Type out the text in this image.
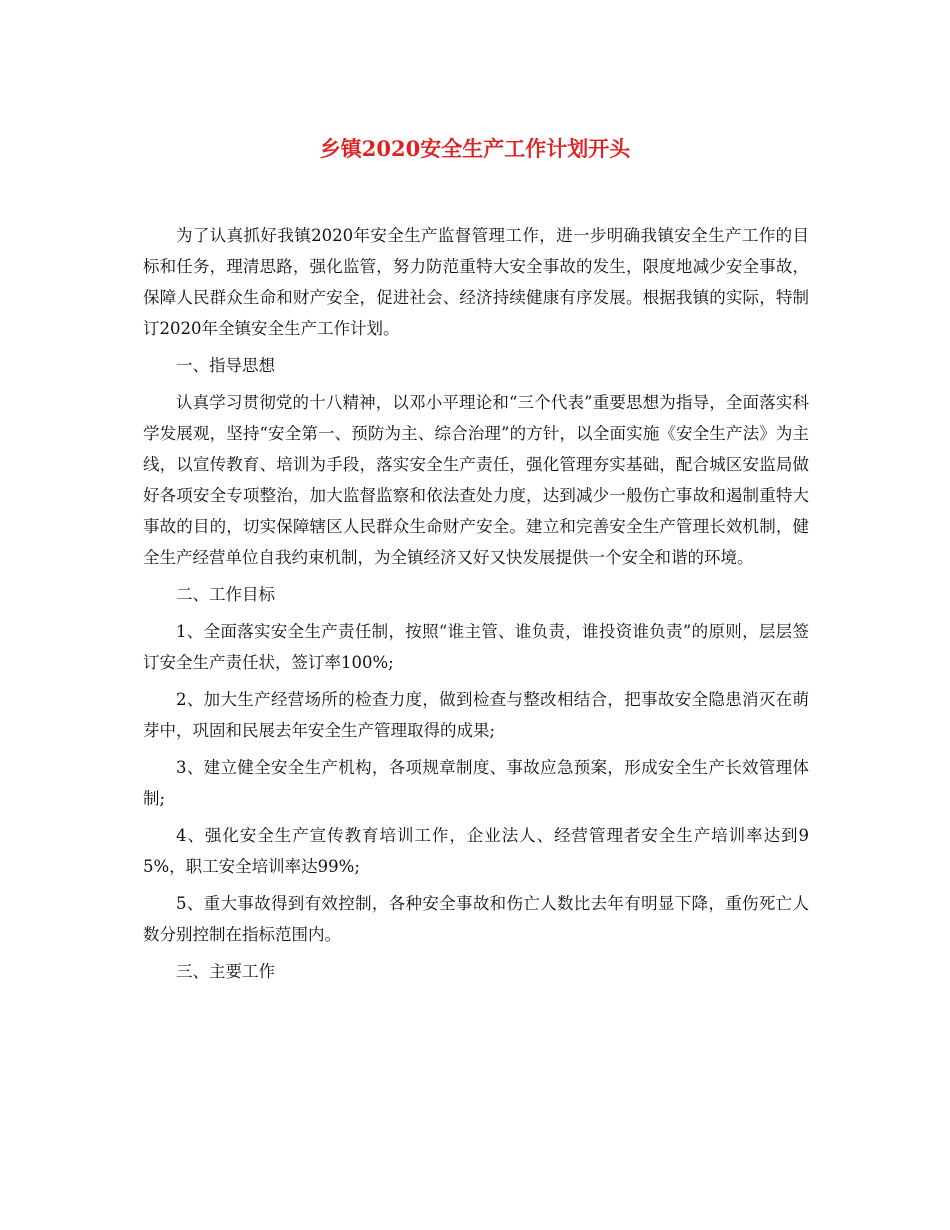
乡镇2020安全生产工作计划开头

为了认真抓好我镇2020年安全生产监督管理工作，进一步明确我镇安全生产工作的目标和任务，理清思路，强化监管，努力防范重特大安全事故的发生，限度地减少安全事故，保障人民群众生命和财产安全，促进社会、经济持续健康有序发展。根据我镇的实际，特制订2020年全镇安全生产工作计划。

一、指导思想

认真学习贯彻党的十八精神，以邓小平理论和“三个代表”重要思想为指导，全面落实科学发展观，坚持“安全第一、预防为主、综合治理”的方针，以全面实施《安全生产法》为主线，以宣传教育、培训为手段，落实安全生产责任，强化管理夯实基础，配合城区安监局做好各项安全专项整治，加大监督监察和依法查处力度，达到减少一般伤亡事故和遏制重特大事故的目的，切实保障辖区人民群众生命财产安全。建立和完善安全生产管理长效机制，健全生产经营单位自我约束机制，为全镇经济又好又快发展提供一个安全和谐的环境。

二、工作目标

1、全面落实安全生产责任制，按照“谁主管、谁负责，谁投资谁负责”的原则，层层签订安全生产责任状，签订率100%;

2、加大生产经营场所的检查力度，做到检查与整改相结合，把事故安全隐患消灭在萌芽中，巩固和民展去年安全生产管理取得的成果;

3、建立健全安全生产机构，各项规章制度、事故应急预案，形成安全生产长效管理体制;

4、强化安全生产宣传教育培训工作，企业法人、经营管理者安全生产培训率达到95%，职工安全培训率达99%;

5、重大事故得到有效控制，各种安全事故和伤亡人数比去年有明显下降，重伤死亡人数分别控制在指标范围内。

三、主要工作
